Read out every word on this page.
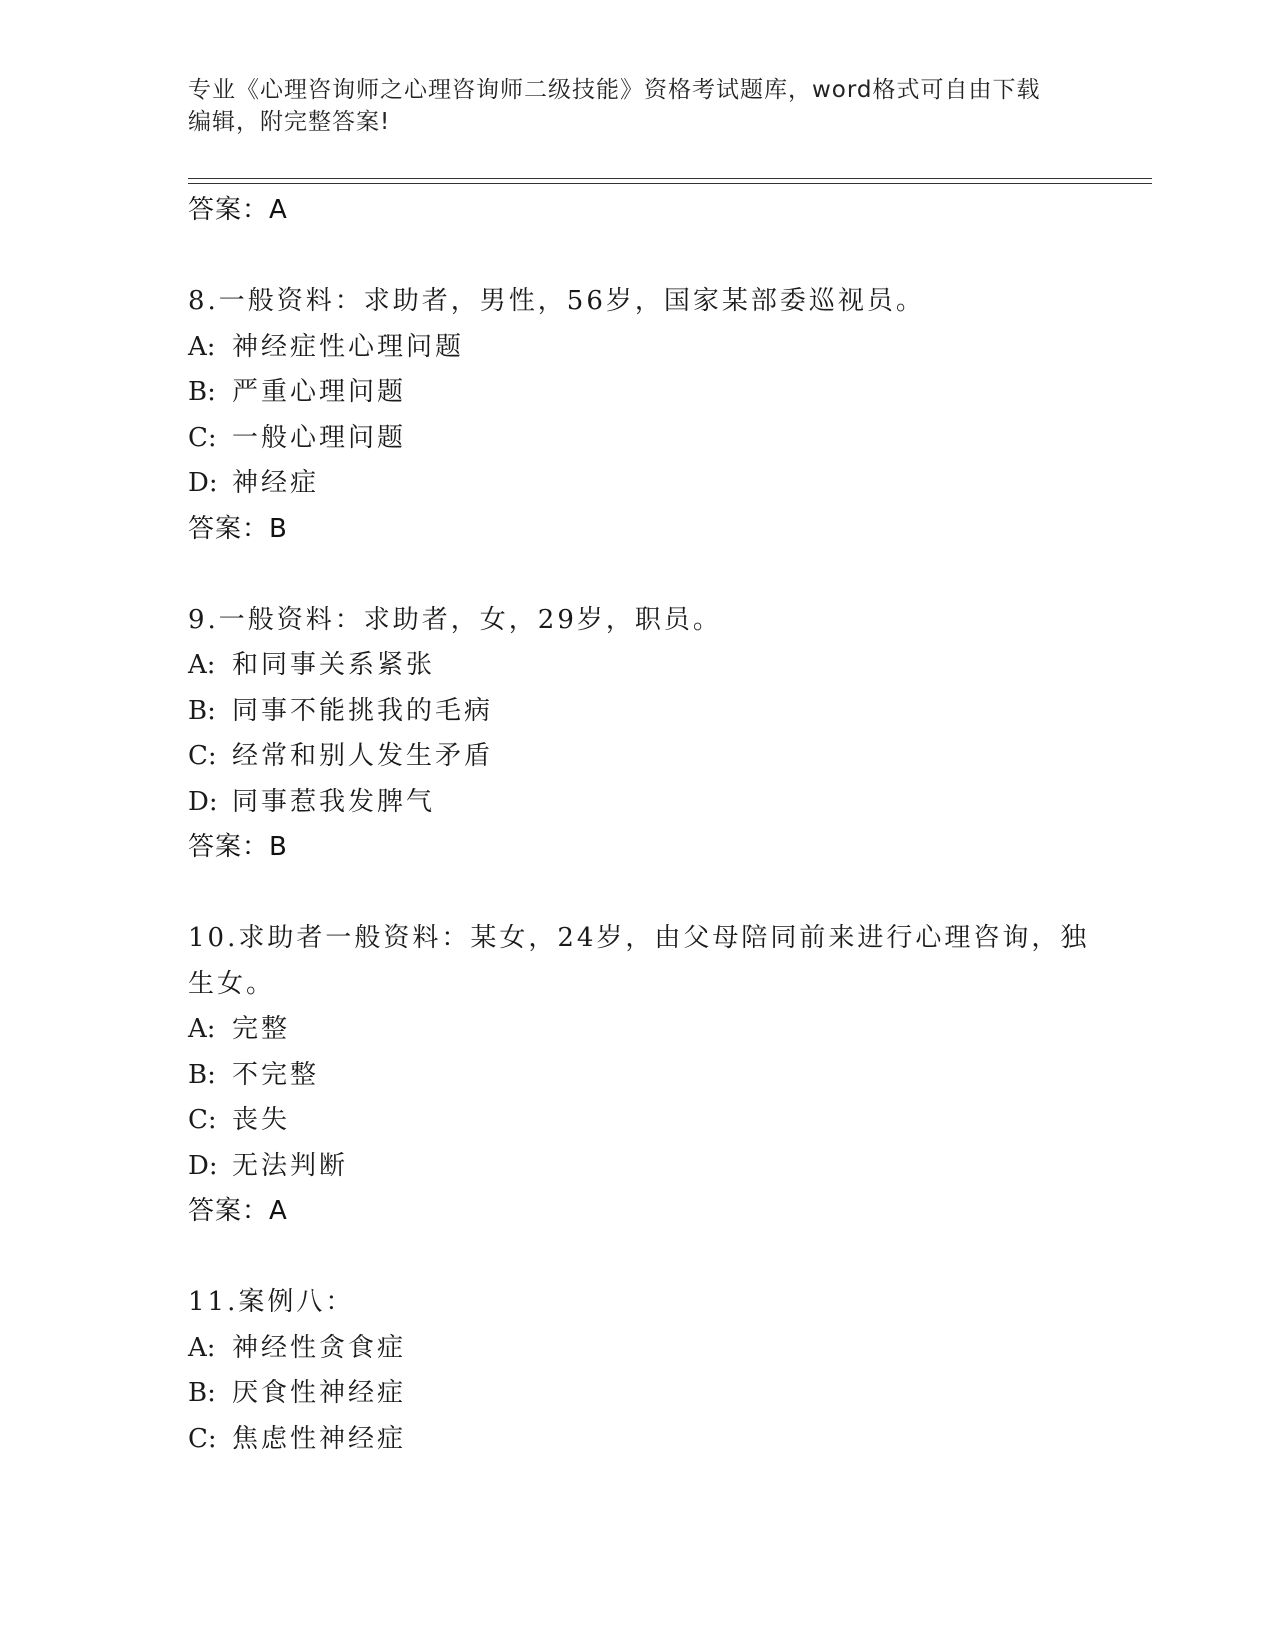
专业《心理咨询师之心理咨询师二级技能》资格考试题库，word格式可自由下载
编辑，附完整答案!
答案：A
8.一般资料：求助者，男性，56岁，国家某部委巡视员。
A: 神经症性心理问题
B: 严重心理问题
C: 一般心理问题
D: 神经症
答案：B
9.一般资料：求助者，女，29岁，职员。
A: 和同事关系紧张
B: 同事不能挑我的毛病
C: 经常和别人发生矛盾
D: 同事惹我发脾气
答案：B
10.求助者一般资料：某女，24岁，由父母陪同前来进行心理咨询，独
生女。
A: 完整
B: 不完整
C: 丧失
D: 无法判断
答案：A
11.案例八：
A: 神经性贪食症
B: 厌食性神经症
C: 焦虑性神经症
